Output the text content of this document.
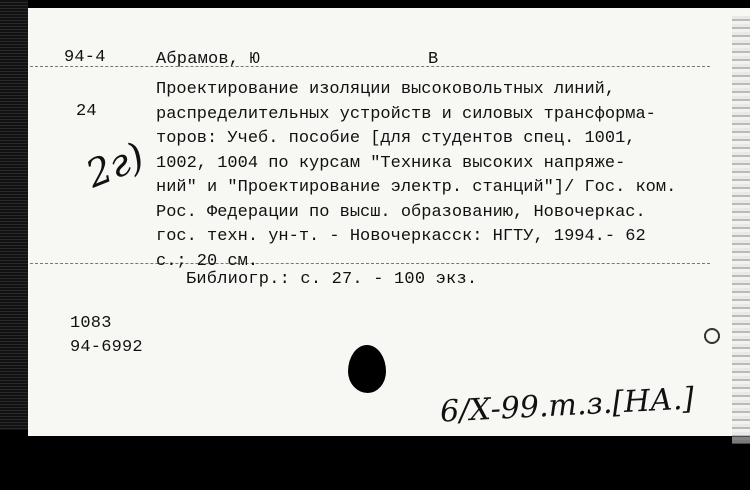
94-4
24
2г)
Абрамов, Ю	В
Проектирование изоляции высоковольтных линий,
распределительных устройств и силовых трансформа-
торов: Учеб. пособие [для студентов спец. 1001,
1002, 1004 по курсам "Техника высоких напряже-
ний" и "Проектирование электр. станций"]/ Гос. ком.
Рос. Федерации по высш. образованию, Новочеркас.
гос. техн. ун-т. - Новочеркасск: НГТУ, 1994.- 62
с.; 20 см.
Библиогр.: с. 27. - 100 экз.
1083
94-6992
6/Х-99.т.з.[НА.]
